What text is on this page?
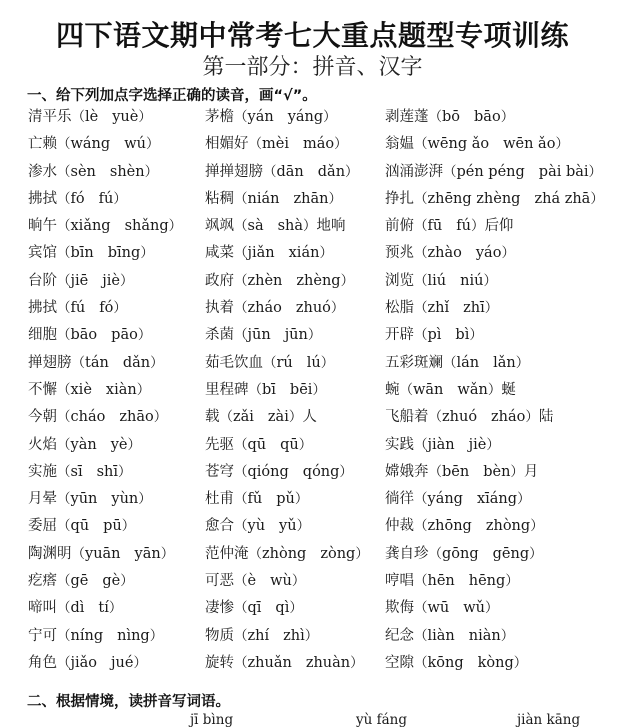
四下语文期中常考七大重点题型专项训练
第一部分：拼音、汉字
一、给下列加点字选择正确的读音，画“√”。
清平乐（lè yuè）	茅檐（yán yáng）	剥莲蓬（bō bāo）
亡赖（wáng wú）	相媚好（mèi máo）	翁媪（wēng ǎo wēn ǎo）
渗水（sèn shèn）	掸掸翅膀（dān dǎn） 汹涌澎湃（pén péng pài bài）
拂拭（fó fú）	粘稠（nián zhān）	挣扎（zhēng zhèng zhá zhā）
晌午（xiǎng shǎng） 飒飒（sà shà）地响	前俯（fū fú）后仰
宾馆（bīn bīng）	咸菜（jiǎn xián）	预兆（zhào yáo）
台阶（jiē jiè）	政府（zhèn zhèng） 浏览（liú niú）
拂拭（fú fó）	执着（zháo zhuó）	松脂（zhǐ zhī）
细胞（bāo pāo）	杀菌（jūn jūn）	开辟（pì bì）
掸翅膀（tán dǎn）	茹毛饮血（rú lú）	五彩斑斓（lán lǎn）
不懈（xiè xiàn）	里程碑（bī bēi）	蜿（wān wǎn）蜒
今朝（cháo zhāo）	载（zǎi zài）人	飞船着（zhuó zháo）陆
火焰（yàn yè）	先驱（qū qū）	实践（jiàn jiè）
实施（sī shī）	苍穹（qióng qóng） 嫦娥奔（bēn bèn）月
月晕（yūn yùn）	杜甫（fǔ pǔ）	徜徉（yáng xīáng）
委屈（qū pū）	愈合（yù yǔ）	仲裁（zhōng zhòng）
陶渊明（yuān yān） 范仲淹（zhòng zòng） 龚自珍（gōng gēng）
疙瘩（gē gè）	可恶（è wù）	哼唱（hēn hēng）
啼叫（dì tí）	凄惨（qī qì）	欺侮（wū wǔ）
宁可（níng nìng）	物质（zhí zhì）	纪念（liàn niàn）
角色（jiǎo jué）	旋转（zhuǎn zhuàn） 空隙（kōng kòng）
二、根据情境，读拼音写词语。
jī bìng	yù fáng	jiàn kāng
